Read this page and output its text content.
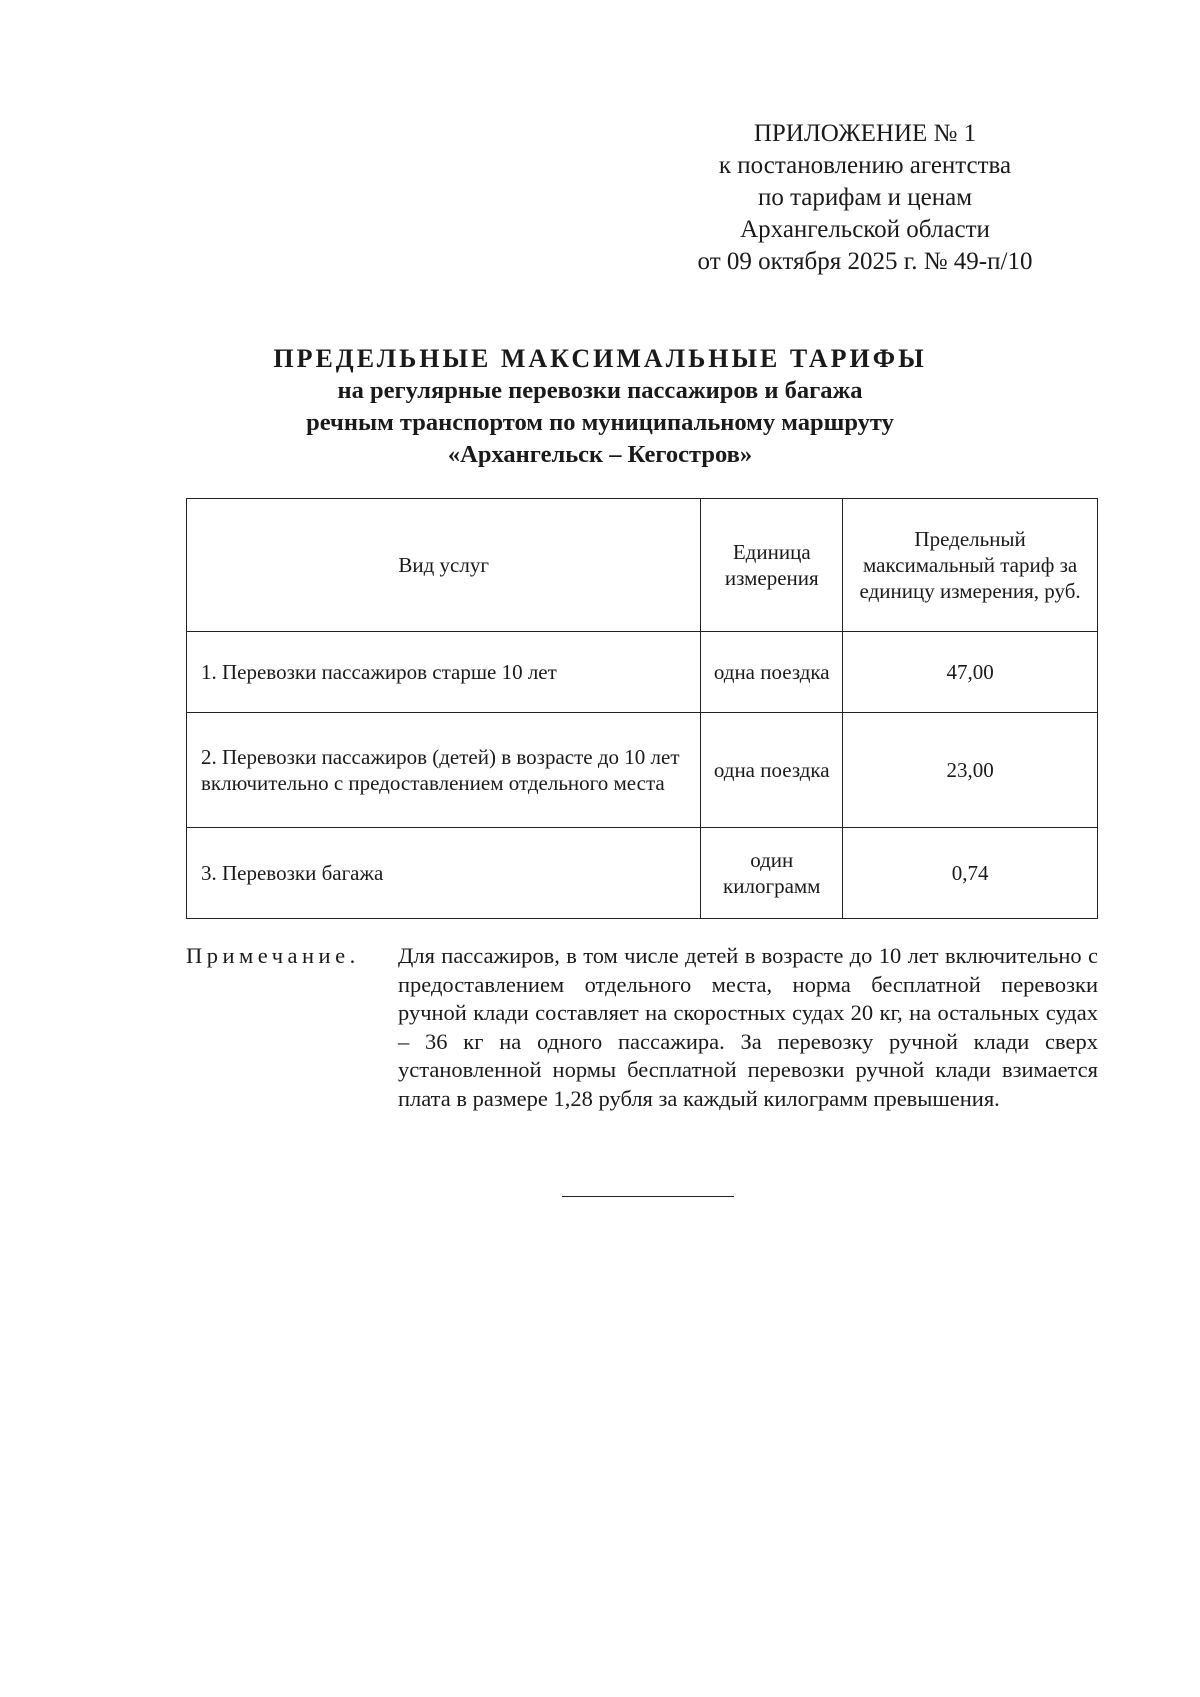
ПРИЛОЖЕНИЕ № 1
к постановлению агентства
по тарифам и ценам
Архангельской области
от 09 октября 2025 г. № 49-п/10
ПРЕДЕЛЬНЫЕ МАКСИМАЛЬНЫЕ ТАРИФЫ
на регулярные перевозки пассажиров и багажа
речным транспортом по муниципальному маршруту
«Архангельск – Кегостров»
Вид услуг	Единица измерения	Предельный максимальный тариф за единицу измерения, руб.
1. Перевозки пассажиров старше 10 лет	одна поездка	47,00
2. Перевозки пассажиров (детей) в возрасте до 10 лет включительно с предоставлением отдельного места	одна поездка	23,00
3. Перевозки багажа	один килограмм	0,74
Примечание. Для пассажиров, в том числе детей в возрасте до 10 лет включительно с предоставлением отдельного места, норма бесплатной перевозки ручной клади составляет на скоростных судах 20 кг, на остальных судах – 36 кг на одного пассажира. За перевозку ручной клади сверх установленной нормы бесплатной перевозки ручной клади взимается плата в размере 1,28 рубля за каждый килограмм превышения.
